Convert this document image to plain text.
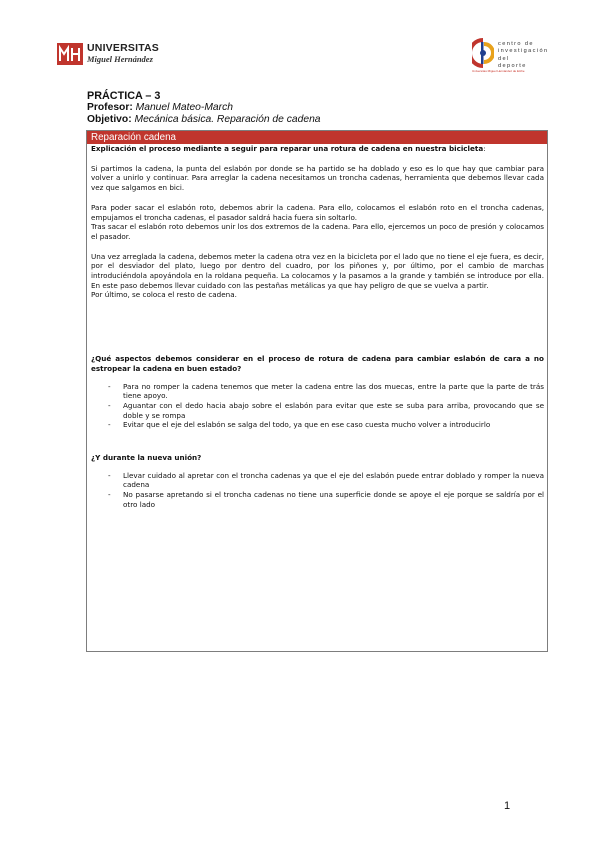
UNIVERSITAS
Miguel Hernández
centro de
investigación
del
deporte
Universitas Miguel Hernández de Elche
PRÁCTICA – 3
Profesor: Manuel Mateo-March
Objetivo: Mecánica básica. Reparación de cadena
Reparación cadena

Explicación el proceso mediante a seguir para reparar una rotura de cadena en nuestra bicicleta:

Si partimos la cadena, la punta del eslabón por donde se ha partido se ha doblado y eso es lo que hay que cambiar para volver a unirlo y continuar. Para arreglar la cadena necesitamos un troncha cadenas, herramienta que debemos llevar cada vez que salgamos en bici.

Para poder sacar el eslabón roto, debemos abrir la cadena. Para ello, colocamos el eslabón roto en el troncha cadenas, empujamos el troncha cadenas, el pasador saldrá hacia fuera sin soltarlo.

Tras sacar el eslabón roto debemos unir los dos extremos de la cadena. Para ello, ejercemos un poco de presión y colocamos el pasador.

Una vez arreglada la cadena, debemos meter la cadena otra vez en la bicicleta por el lado que no tiene el eje fuera, es decir, por el desviador del plato, luego por dentro del cuadro, por los piñones y, por último, por el cambio de marchas introduciéndola apoyándola en la roldana pequeña. La colocamos y la pasamos a la grande y también se introduce por ella. En este paso debemos llevar cuidado con las pestañas metálicas ya que hay peligro de que se vuelva a partir.

Por último, se coloca el resto de cadena.

¿Qué aspectos debemos considerar en el proceso de rotura de cadena para cambiar eslabón de cara a no estropear la cadena en buen estado?

- Para no romper la cadena tenemos que meter la cadena entre las dos muecas, entre la parte que la parte de trás tiene apoyo.
- Aguantar con el dedo hacia abajo sobre el eslabón para evitar que este se suba para arriba, provocando que se doble y se rompa
- Evitar que el eje del eslabón se salga del todo, ya que en ese caso cuesta mucho volver a introducirlo

¿Y durante la nueva unión?

- Llevar cuidado al apretar con el troncha cadenas ya que el eje del eslabón puede entrar doblado y romper la nueva cadena
- No pasarse apretando si el troncha cadenas no tiene una superficie donde se apoye el eje porque se saldría por el otro lado
1
